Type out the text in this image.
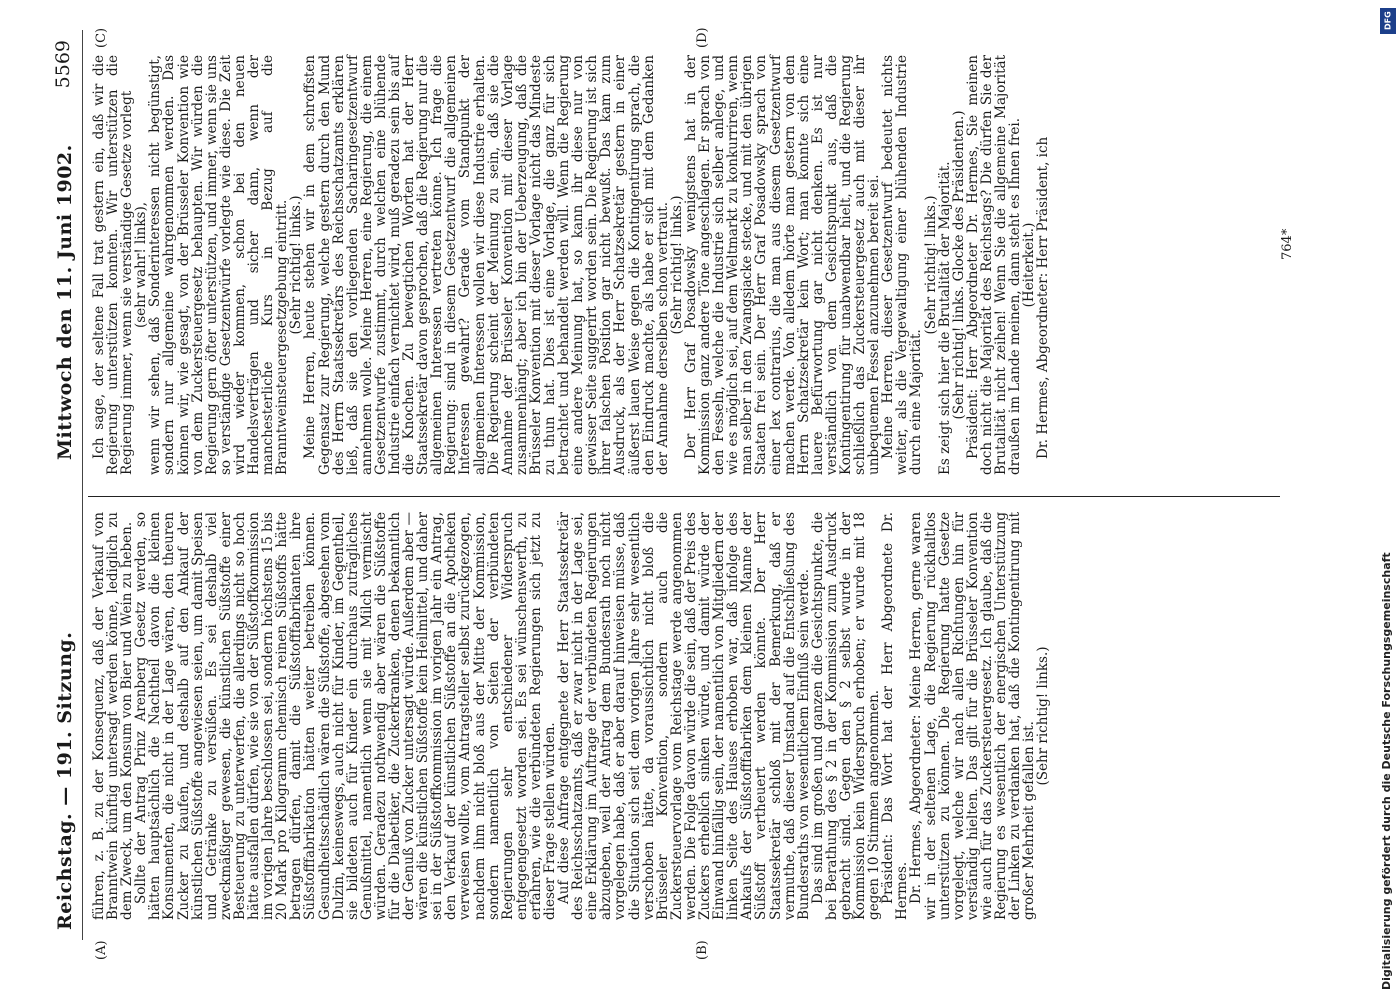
Reichstag. — 191. Sitzung.
Mittwoch den 11. Juni 1902.
5569
(A)	(B)
(C)	(D)

führen, z. B. zu der Konsequenz, daß der Verkauf von Branntwein künftig untersagt werden könne, lediglich zu dem Zweck, um den Konsum von Bier und Wein zu heben.

Sollte der Antrag Prinz Arenberg Gesetz werden, so hätten hauptsächlich die Nachtheil davon die kleinen Konsumenten, die nicht in der Lage wären, den theuren Zucker zu kaufen, und deshalb auf den Ankauf der künstlichen Süßstoffe angewiesen seien, um damit Speisen und Getränke zu versüßen. Es sei deshalb viel zweckmäßiger gewesen, die künstlichen Süßstoffe einer Besteuerung zu unterwerfen, die allerdings nicht so hoch hätte ausfallen dürfen, wie sie von der Süßstoffkommission im vorigen Jahre beschlossen sei, sondern höchstens 15 bis 20 Mark pro Kilogramm chemisch reinen Süßstoffs hätte betragen dürfen, damit die Süßstofffabrikanten ihre Süßstofffabrikation hätten weiter betreiben können. Gesundheitsschädlich wären die Süßstoffe, abgesehen vom Dulzin, keineswegs, auch nicht für Kinder, im Gegentheil, sie bildeten auch für Kinder ein durchaus zuträgliches Genußmittel, namentlich wenn sie mit Milch vermischt würden. Geradezu nothwendig aber wären die Süßstoffe für die Diabetiker, die Zuckerkranken, denen bekanntlich der Genuß von Zucker untersagt würde. Außerdem aber — wären die künstlichen Süßstoffe kein Heilmittel, und daher sei in der Süßstoffkommission im vorigen Jahr ein Antrag, den Verkauf der künstlichen Süßstoffe an die Apotheken verweisen wollte, vom Antragsteller selbst zurückgezogen, nachdem ihm nicht bloß aus der Mitte der Kommission, sondern namentlich von Seiten der verbündeten Regierungen sehr entschiedener Widerspruch entgegengesetzt worden sei. Es sei wünschenswerth, zu erfahren, wie die verbündeten Regierungen sich jetzt zu dieser Frage stellen würden.

Auf diese Anfrage entgegnete der Herr Staatssekretär des Reichsschatzamts, daß er zwar nicht in der Lage sei, eine Erklärung im Auftrage der verbündeten Regierungen abzugeben, weil der Antrag dem Bundesrath noch nicht vorgelegen habe, daß er aber darauf hinweisen müsse, daß die Situation sich seit dem vorigen Jahre sehr wesentlich verschoben hätte, da voraussichtlich nicht bloß die Brüsseler Konvention, sondern auch die Zuckersteuervorlage vom Reichstage werde angenommen werden. Die Folge davon würde die sein, daß der Preis des Zuckers erheblich sinken würde, und damit würde der Einwand hinfällig sein, der namentlich von Mitgliedern der linken Seite des Hauses erhoben war, daß infolge des Ankaufs der Süßstofffabriken dem kleinen Manne der Süßstoff vertheuert werden könnte. Der Herr Staatssekretär schloß mit der Bemerkung, daß er vermuthe, daß dieser Umstand auf die Entschließung des Bundesraths von wesentlichem Einfluß sein werde.

Das sind im großen und ganzen die Gesichtspunkte, die bei Berathung des § 2 in der Kommission zum Ausdruck gebracht sind. Gegen den § 2 selbst wurde in der Kommission kein Widerspruch erhoben; er wurde mit 18 gegen 10 Stimmen angenommen.

Präsident: Das Wort hat der Herr Abgeordnete Dr. Hermes.

Dr. Hermes, Abgeordneter: Meine Herren, gerne waren wir in der seltenen Lage, die Regierung rückhaltlos unterstützen zu können. Die Regierung hatte Gesetze vorgelegt, welche wir nach allen Richtungen hin für verständig hielten. Das gilt für die Brüsseler Konvention wie auch für das Zuckersteuergesetz. Ich glaube, daß die Regierung es wesentlich der energischen Unterstützung der Linken zu verdanken hat, daß die Kontingentirung mit großer Mehrheit gefallen ist.

(Sehr richtig! links.)

Ich sage, der seltene Fall trat gestern ein, daß wir die Regierung unterstützen konnten. Wir unterstützen die Regierung immer, wenn sie verständige Gesetze vorlegt

(sehr wahr! links),

wenn wir sehen, daß Sonderinteressen nicht begünstigt, sondern nur allgemeine wahrgenommen werden. Das können wir, wie gesagt, von der Brüsseler Konvention wie von dem Zuckersteuergesetz behaupten. Wir würden die Regierung gern öfter unterstützen, und immer, wenn sie uns so verständige Gesetzentwürfe vorlegte wie diese. Die Zeit wird wieder kommen, schon bei den neuen Handelsverträgen und sicher dann, wenn der manchesterliche Kurs in Bezug auf die Branntweinsteuergesetzgebung eintritt.

(Sehr richtig! links.)

Meine Herren, heute stehen wir in dem schroffsten Gegensatz zur Regierung, welche gestern durch den Mund des Herrn Staatssekretärs des Reichsschatzamts erklären ließ, daß sie den vorliegenden Sacharingesetzentwurf annehmen wolle. Meine Herren, eine Regierung, die einem Gesetzentwurfe zustimmt, durch welchen eine blühende Industrie einfach vernichtet wird, muß geradezu sein bis auf die Knochen. Zu bewegtichen Worten hat der Herr Staatssekretär davon gesprochen, daß die Regierung nur die allgemeinen Interessen vertreten könne. Ich frage die Regierung: sind in diesem Gesetzentwurf die allgemeinen Interessen gewahrt? Gerade vom Standpunkt der allgemeinen Interessen wollen wir diese Industrie erhalten. Die Regierung scheint der Meinung zu sein, daß sie die Annahme der Brüsseler Konvention mit dieser Vorlage zusammenhängt; aber ich bin der Ueberzeugung, daß die Brüsseler Konvention mit dieser Vorlage nicht das Mindeste zu thun hat. Dies ist eine Vorlage, die ganz für sich betrachtet und behandelt werden will. Wenn die Regierung eine andere Meinung hat, so kann ihr diese nur von gewisser Seite suggerirt worden sein. Die Regierung ist sich ihrer falschen Position gar nicht bewußt. Das kam zum Ausdruck, als der Herr Schatzsekretär gestern in einer äußerst lauen Weise gegen die Kontingentirung sprach, die den Eindruck machte, als habe er sich mit dem Gedanken der Annahme derselben schon vertraut.

(Sehr richtig! links.)

Der Herr Graf Posadowsky wenigstens hat in der Kommission ganz andere Töne angeschlagen. Er sprach von den Fesseln, welche die Industrie sich selber anlege, und wie es möglich sei, auf dem Weltmarkt zu konkurriren, wenn man selber in den Zwangsjacke stecke, und mit den übrigen Staaten frei sein. Der Herr Graf Posadowsky sprach von einer lex contrarius, die man aus diesem Gesetzentwurf machen werde. Von alledem hörte man gestern von dem Herrn Schatzsekretär kein Wort; man konnte sich eine lauere Befürwortung gar nicht denken. Es ist nur verständlich von dem Gesichtspunkt aus, daß die Kontingentirung für unabwendbar hielt, und die Regierung schließlich das Zuckersteuergesetz auch mit dieser ihr unbequemen Fessel anzunehmen bereit sei.

Meine Herren, dieser Gesetzentwurf bedeutet nichts weiter, als die Vergewaltigung einer blühenden Industrie durch eine Majorität.

(Sehr richtig! links.)

Es zeigt sich hier die Brutalität der Majorität.

(Sehr richtig! links. Glocke des Präsidenten.)

Präsident: Herr Abgeordneter Dr. Hermes, Sie meinen doch nicht die Majorität des Reichstags? Die dürfen Sie der Brutalität nicht zeihen! Wenn Sie die allgemeine Majorität draußen im Lande meinen, dann steht es Ihnen frei.

(Heiterkeit.)

Dr. Hermes, Abgeordneter: Herr Präsident, ich	764*
DFG
Digitalisierung gefördert durch die Deutsche Forschungsgemeinschaft
